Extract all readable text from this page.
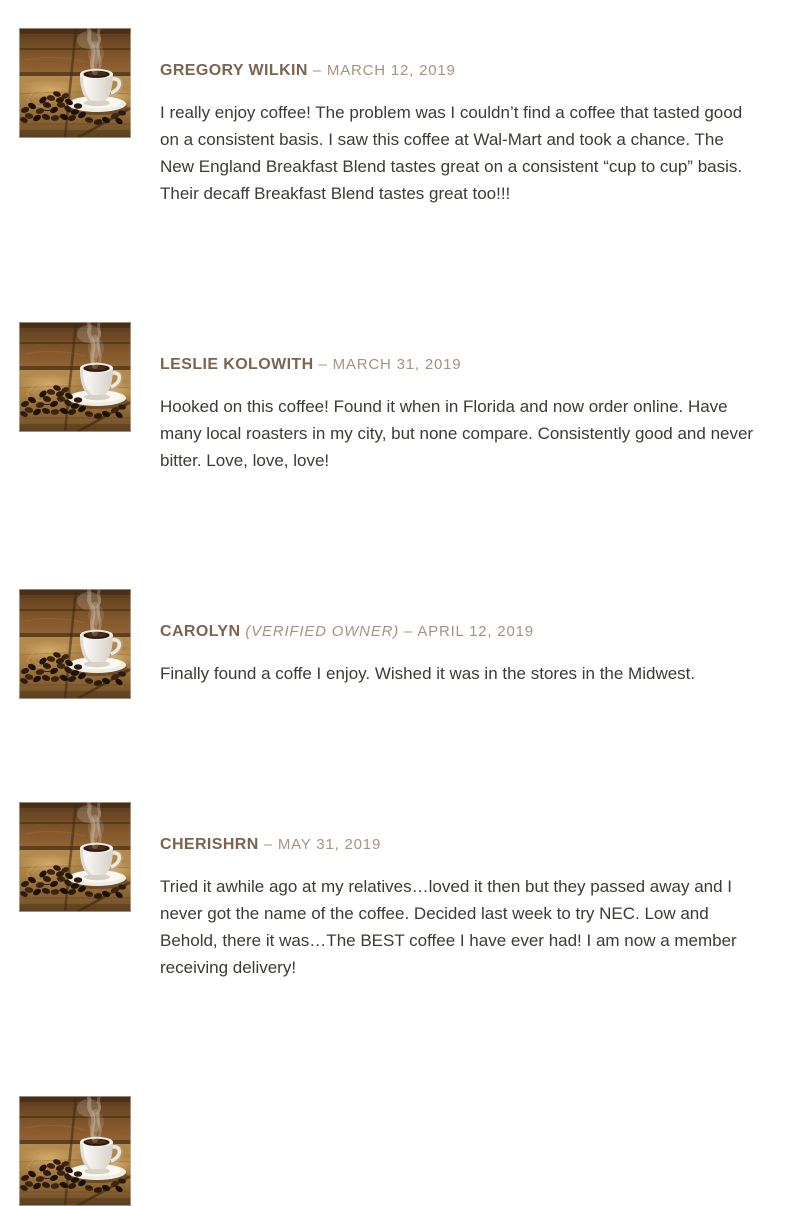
GREGORY WILKIN – MARCH 12, 2019

I really enjoy coffee! The problem was I couldn’t find a coffee that tasted good on a consistent basis. I saw this coffee at Wal-Mart and took a chance. The New England Breakfast Blend tastes great on a consistent “cup to cup” basis. Their decaff Breakfast Blend tastes great too!!!

LESLIE KOLOWITH – MARCH 31, 2019

Hooked on this coffee! Found it when in Florida and now order online. Have many local roasters in my city, but none compare. Consistently good and never bitter. Love, love, love!

CAROLYN (VERIFIED OWNER) – APRIL 12, 2019

Finally found a coffe I enjoy. Wished it was in the stores in the Midwest.

CHERISHRN – MAY 31, 2019

Tried it awhile ago at my relatives…loved it then but they passed away and I never got the name of the coffee. Decided last week to try NEC. Low and Behold, there it was…The BEST coffee I have ever had! I am now a member receiving delivery!
